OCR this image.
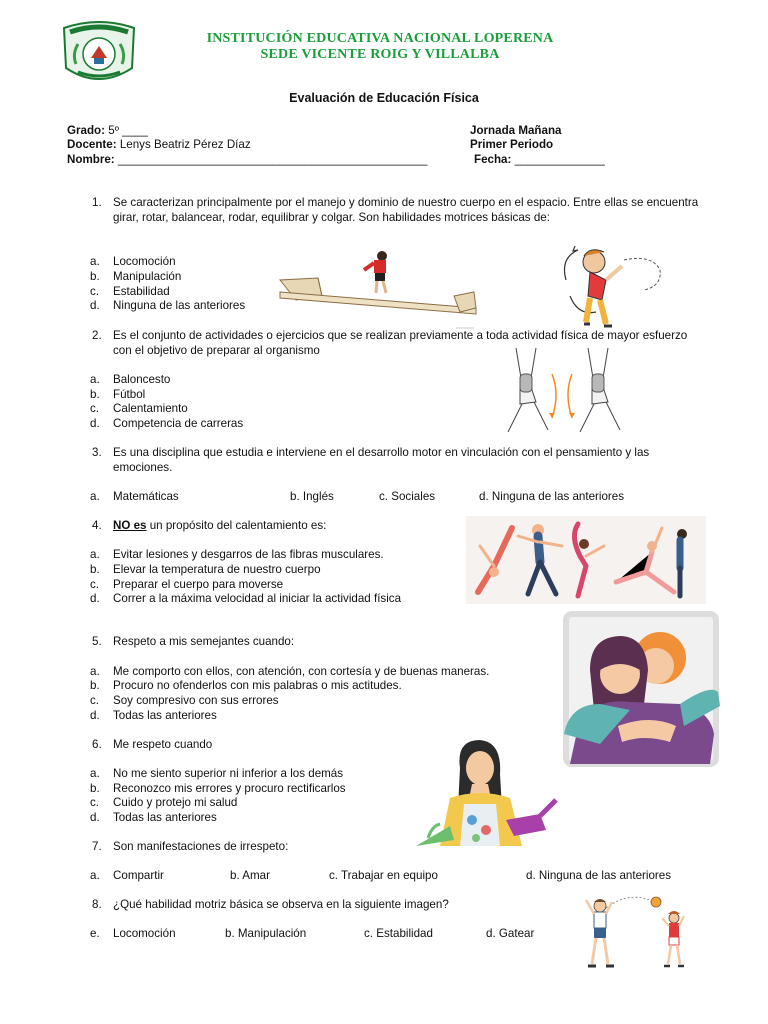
INSTITUCIÓN EDUCATIVA NACIONAL LOPERENA
SEDE VICENTE ROIG Y VILLALBA
Evaluación de Educación Física
Grado: 5º ____
Docente: Lenys Beatriz Pérez Díaz
Nombre: ________________________________________________
Jornada Mañana
Primer Periodo
Fecha: ______________
1. Se caracterizan principalmente por el manejo y dominio de nuestro cuerpo en el espacio. Entre ellas se encuentra girar, rotar, balancear, rodar, equilibrar y colgar. Son habilidades motrices básicas de:
a. Locomoción
b. Manipulación
c. Estabilidad
d. Ninguna de las anteriores
2. Es el conjunto de actividades o ejercicios que se realizan previamente a toda actividad física de mayor esfuerzo con el objetivo de preparar al organismo
a. Baloncesto
b. Fútbol
c. Calentamiento
d. Competencia de carreras
3. Es una disciplina que estudia e interviene en el desarrollo motor en vinculación con el pensamiento y las emociones.
a. Matemáticas	b. Inglés	c. Sociales	d. Ninguna de las anteriores
4. NO es un propósito del calentamiento es:
a. Evitar lesiones y desgarros de las fibras musculares.
b. Elevar la temperatura de nuestro cuerpo
c. Preparar el cuerpo para moverse
d. Correr a la máxima velocidad al iniciar la actividad física
5. Respeto a mis semejantes cuando:
a. Me comporto con ellos, con atención, con cortesía y de buenas maneras.
b. Procuro no ofenderlos con mis palabras o mis actitudes.
c. Soy compresivo con sus errores
d. Todas las anteriores
6. Me respeto cuando
a. No me siento superior ni inferior a los demás
b. Reconozco mis errores y procuro rectificarlos
c. Cuido y protejo mi salud
d. Todas las anteriores
7. Son manifestaciones de irrespeto:
a. Compartir	b. Amar	c. Trabajar en equipo	d. Ninguna de las anteriores
8. ¿Qué habilidad motriz básica se observa en la siguiente imagen?
e. Locomoción	b. Manipulación	c. Estabilidad	d. Gatear
